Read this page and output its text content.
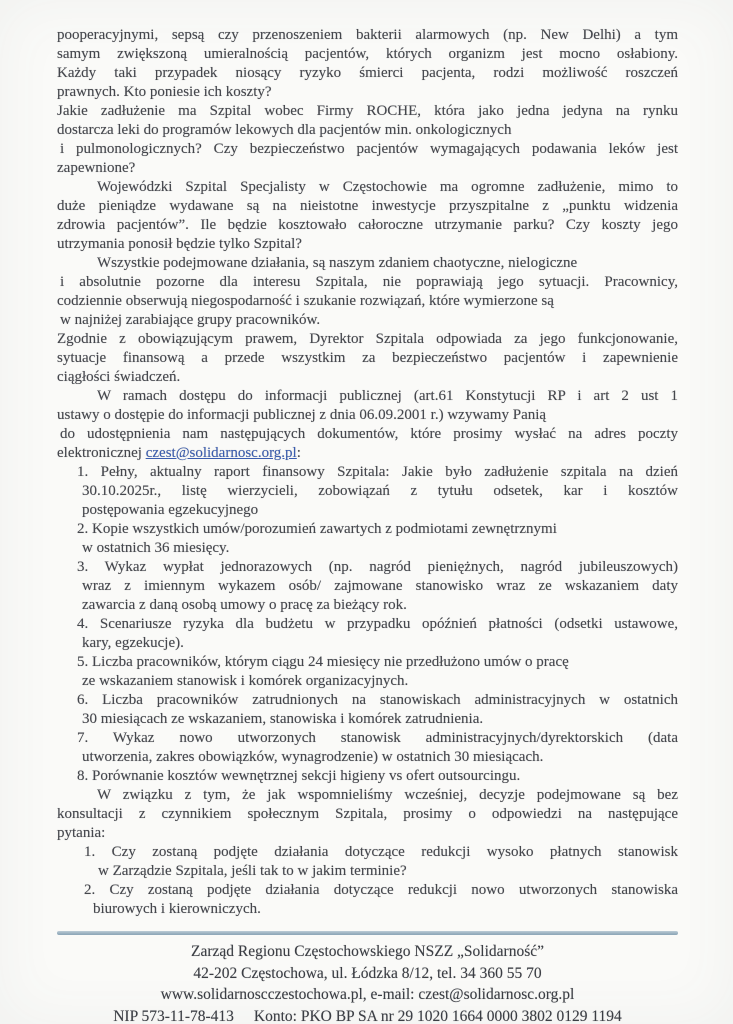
pooperacyjnymi, sepsą czy przenoszeniem bakterii alarmowych (np. New Delhi) a tym
samym zwiększoną umieralnością pacjentów, których organizm jest mocno osłabiony.
Każdy taki przypadek niosący ryzyko śmierci pacjenta, rodzi możliwość roszczeń
prawnych. Kto poniesie ich koszty?
Jakie zadłużenie ma Szpital wobec Firmy ROCHE, która jako jedna jedyna na rynku
dostarcza leki do programów lekowych dla pacjentów min. onkologicznych
i pulmonologicznych? Czy bezpieczeństwo pacjentów wymagających podawania leków jest
zapewnione?
Wojewódzki Szpital Specjalisty w Częstochowie ma ogromne zadłużenie, mimo to
duże pieniądze wydawane są na nieistotne inwestycje przyszpitalne z „punktu widzenia
zdrowia pacjentów”. Ile będzie kosztowało całoroczne utrzymanie parku? Czy koszty jego
utrzymania ponosił będzie tylko Szpital?
Wszystkie podejmowane działania, są naszym zdaniem chaotyczne, nielogiczne
i absolutnie pozorne dla interesu Szpitala, nie poprawiają jego sytuacji. Pracownicy,
codziennie obserwują niegospodarność i szukanie rozwiązań, które wymierzone są
w najniżej zarabiające grupy pracowników.
Zgodnie z obowiązującym prawem, Dyrektor Szpitala odpowiada za jego funkcjonowanie,
sytuacje finansową a przede wszystkim za bezpieczeństwo pacjentów i zapewnienie
ciągłości świadczeń.
W ramach dostępu do informacji publicznej (art.61 Konstytucji RP i art 2 ust 1
ustawy o dostępie do informacji publicznej z dnia 06.09.2001 r.) wzywamy Panią
do udostępnienia nam następujących dokumentów, które prosimy wysłać na adres poczty
elektronicznej czest@solidarnosc.org.pl:
1. Pełny, aktualny raport finansowy Szpitala: Jakie było zadłużenie szpitala na dzień
30.10.2025r., listę wierzycieli, zobowiązań z tytułu odsetek, kar i kosztów
postępowania egzekucyjnego
2. Kopie wszystkich umów/porozumień zawartych z podmiotami zewnętrznymi
w ostatnich 36 miesięcy.
3. Wykaz wypłat jednorazowych (np. nagród pieniężnych, nagród jubileuszowych)
wraz z imiennym wykazem osób/ zajmowane stanowisko wraz ze wskazaniem daty
zawarcia z daną osobą umowy o pracę za bieżący rok.
4. Scenariusze ryzyka dla budżetu w przypadku opóźnień płatności (odsetki ustawowe,
kary, egzekucje).
5. Liczba pracowników, którym ciągu 24 miesięcy nie przedłużono umów o pracę
ze wskazaniem stanowisk i komórek organizacyjnych.
6. Liczba pracowników zatrudnionych na stanowiskach administracyjnych w ostatnich
30 miesiącach ze wskazaniem, stanowiska i komórek zatrudnienia.
7. Wykaz nowo utworzonych stanowisk administracyjnych/dyrektorskich (data
utworzenia, zakres obowiązków, wynagrodzenie) w ostatnich 30 miesiącach.
8. Porównanie kosztów wewnętrznej sekcji higieny vs ofert outsourcingu.
W związku z tym, że jak wspomnieliśmy wcześniej, decyzje podejmowane są bez
konsultacji z czynnikiem społecznym Szpitala, prosimy o odpowiedzi na następujące
pytania:
1. Czy zostaną podjęte działania dotyczące redukcji wysoko płatnych stanowisk
w Zarządzie Szpitala, jeśli tak to w jakim terminie?
2. Czy zostaną podjęte działania dotyczące redukcji nowo utworzonych stanowiska
biurowych i kierowniczych.
Zarząd Regionu Częstochowskiego NSZZ „Solidarność”
42-202 Częstochowa, ul. Łódzka 8/12, tel. 34 360 55 70
www.solidarnoscczestochowa.pl, e-mail: czest@solidarnosc.org.pl
NIP 573-11-78-413 Konto: PKO BP SA nr 29 1020 1664 0000 3802 0129 1194
